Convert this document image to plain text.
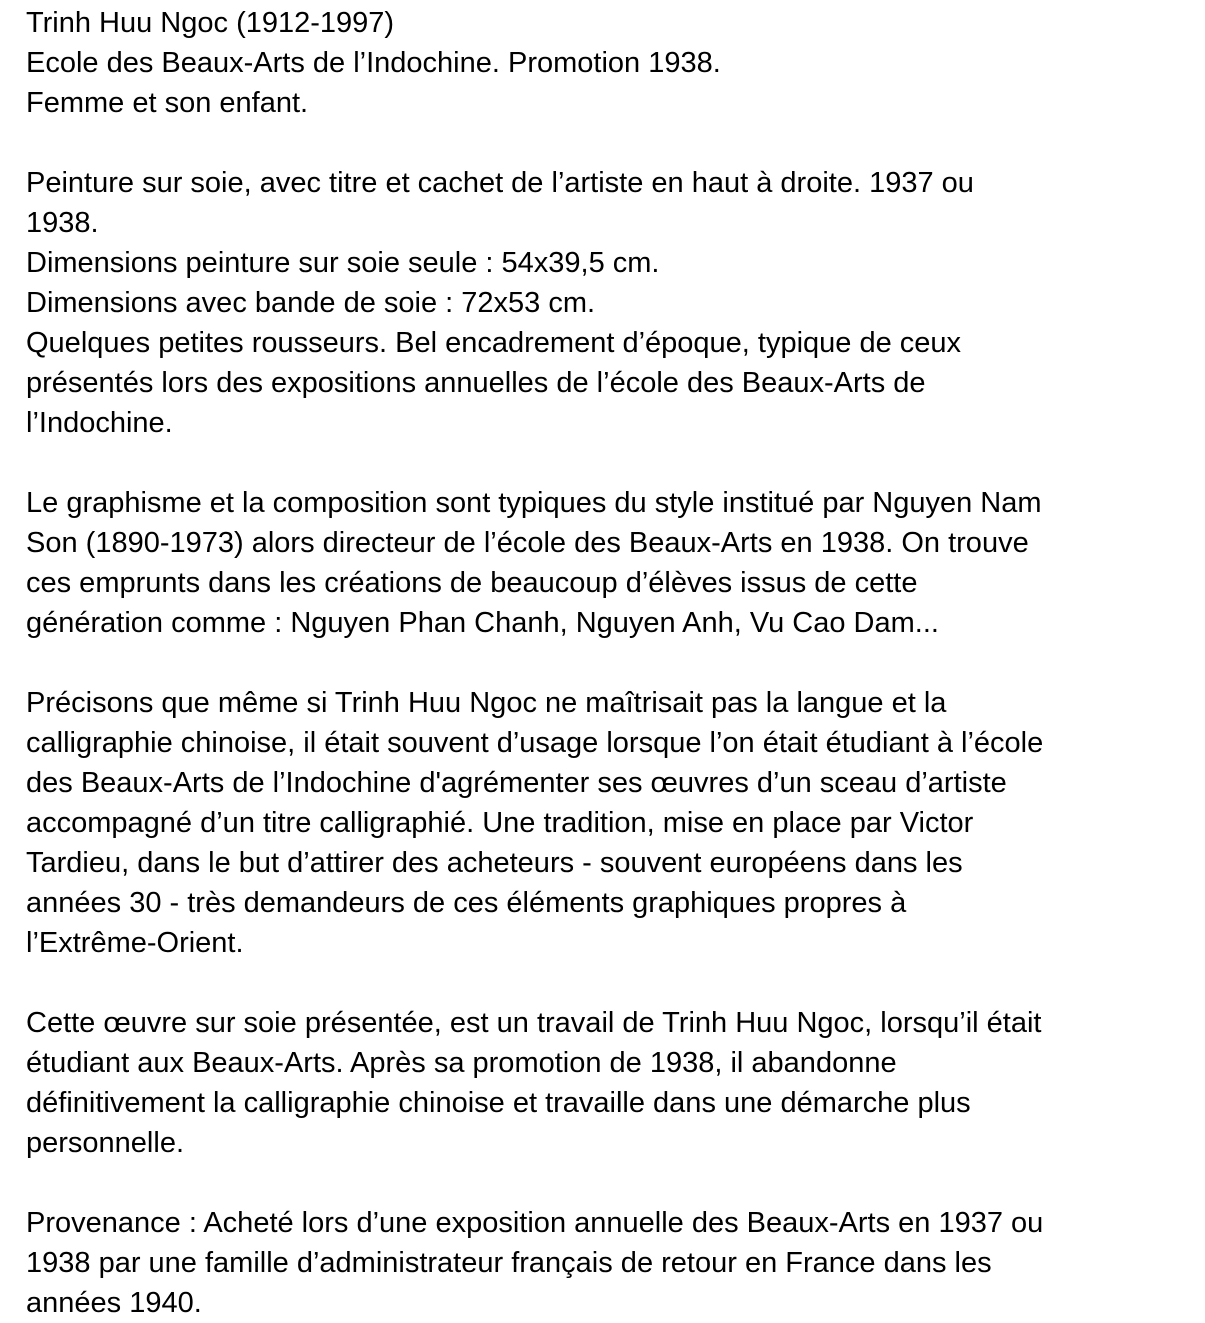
Trinh Huu Ngoc (1912-1997)
Ecole des Beaux-Arts de l’Indochine. Promotion 1938.
Femme et son enfant.
Peinture sur soie, avec titre et cachet de l’artiste en haut à droite. 1937 ou
1938.
Dimensions peinture sur soie seule : 54x39,5 cm.
Dimensions avec bande de soie : 72x53 cm.
Quelques petites rousseurs. Bel encadrement d’époque, typique de ceux
présentés lors des expositions annuelles de l’école des Beaux-Arts de
l’Indochine.
Le graphisme et la composition sont typiques du style institué par Nguyen Nam
Son (1890-1973) alors directeur de l’école des Beaux-Arts en 1938. On trouve
ces emprunts dans les créations de beaucoup d’élèves issus de cette
génération comme : Nguyen Phan Chanh, Nguyen Anh, Vu Cao Dam...
Précisons que même si Trinh Huu Ngoc ne maîtrisait pas la langue et la
calligraphie chinoise, il était souvent d’usage lorsque l’on était étudiant à l’école
des Beaux-Arts de l’Indochine d'agrémenter ses œuvres d’un sceau d’artiste
accompagné d’un titre calligraphié. Une tradition, mise en place par Victor
Tardieu, dans le but d’attirer des acheteurs - souvent européens dans les
années 30 - très demandeurs de ces éléments graphiques propres à
l’Extrême-Orient.
Cette œuvre sur soie présentée, est un travail de Trinh Huu Ngoc, lorsqu’il était
étudiant aux Beaux-Arts. Après sa promotion de 1938, il abandonne
définitivement la calligraphie chinoise et travaille dans une démarche plus
personnelle.
Provenance : Acheté lors d’une exposition annuelle des Beaux-Arts en 1937 ou
1938 par une famille d’administrateur français de retour en France dans les
années 1940.
